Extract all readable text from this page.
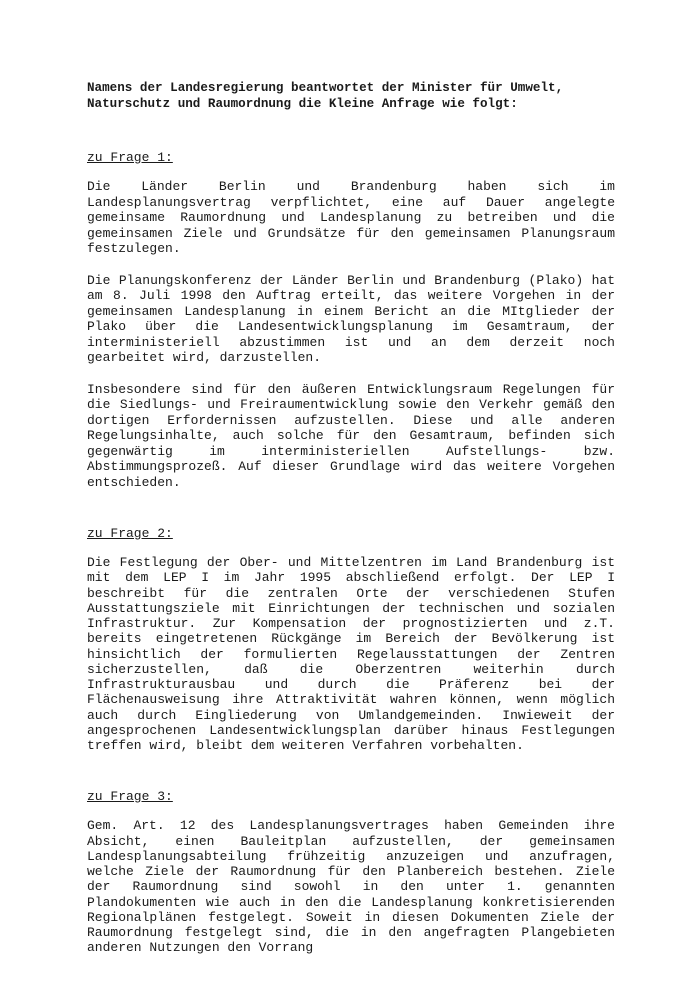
Namens der Landesregierung beantwortet der Minister für Umwelt, Naturschutz und Raumordnung die Kleine Anfrage wie folgt:
zu Frage 1:

Die Länder Berlin und Brandenburg haben sich im Landesplanungsvertrag verpflichtet, eine auf Dauer angelegte gemeinsame Raumordnung und Landesplanung zu betreiben und die gemeinsamen Ziele und Grundsätze für den gemeinsamen Planungsraum festzulegen.

Die Planungskonferenz der Länder Berlin und Brandenburg (Plako) hat am 8. Juli 1998 den Auftrag erteilt, das weitere Vorgehen in der gemeinsamen Landesplanung in einem Bericht an die MItglieder der Plako über die Landesentwicklungsplanung im Gesamtraum, der interministeriell abzustimmen ist und an dem derzeit noch gearbeitet wird, darzustellen.

Insbesondere sind für den äußeren Entwicklungsraum Regelungen für die Siedlungs- und Freiraumentwicklung sowie den Verkehr gemäß den dortigen Erfordernissen aufzustellen. Diese und alle anderen Regelungsinhalte, auch solche für den Gesamtraum, befinden sich gegenwärtig im interministeriellen Aufstellungs- bzw. Abstimmungsprozeß. Auf dieser Grundlage wird das weitere Vorgehen entschieden.

zu Frage 2:

Die Festlegung der Ober- und Mittelzentren im Land Brandenburg ist mit dem LEP I im Jahr 1995 abschließend erfolgt. Der LEP I beschreibt für die zentralen Orte der verschiedenen Stufen Ausstattungsziele mit Einrichtungen der technischen und sozialen Infrastruktur. Zur Kompensation der prognostizierten und z.T. bereits eingetretenen Rückgänge im Bereich der Bevölkerung ist hinsichtlich der formulierten Regelausstattungen der Zentren sicherzustellen, daß die Oberzentren weiterhin durch Infrastrukturausbau und durch die Präferenz bei der Flächenausweisung ihre Attraktivität wahren können, wenn möglich auch durch Eingliederung von Umlandgemeinden. Inwieweit der angesprochenen Landesentwicklungsplan darüber hinaus Festlegungen treffen wird, bleibt dem weiteren Verfahren vorbehalten.

zu Frage 3:

Gem. Art. 12 des Landesplanungsvertrages haben Gemeinden ihre Absicht, einen Bauleitplan aufzustellen, der gemeinsamen Landesplanungsabteilung frühzeitig anzuzeigen und anzufragen, welche Ziele der Raumordnung für den Planbereich bestehen. Ziele der Raumordnung sind sowohl in den unter 1. genannten Plandokumenten wie auch in den die Landesplanung konkretisierenden Regionalplänen festgelegt. Soweit in diesen Dokumenten Ziele der Raumordnung festgelegt sind, die in den angefragten Plangebieten anderen Nutzungen den Vorrang
